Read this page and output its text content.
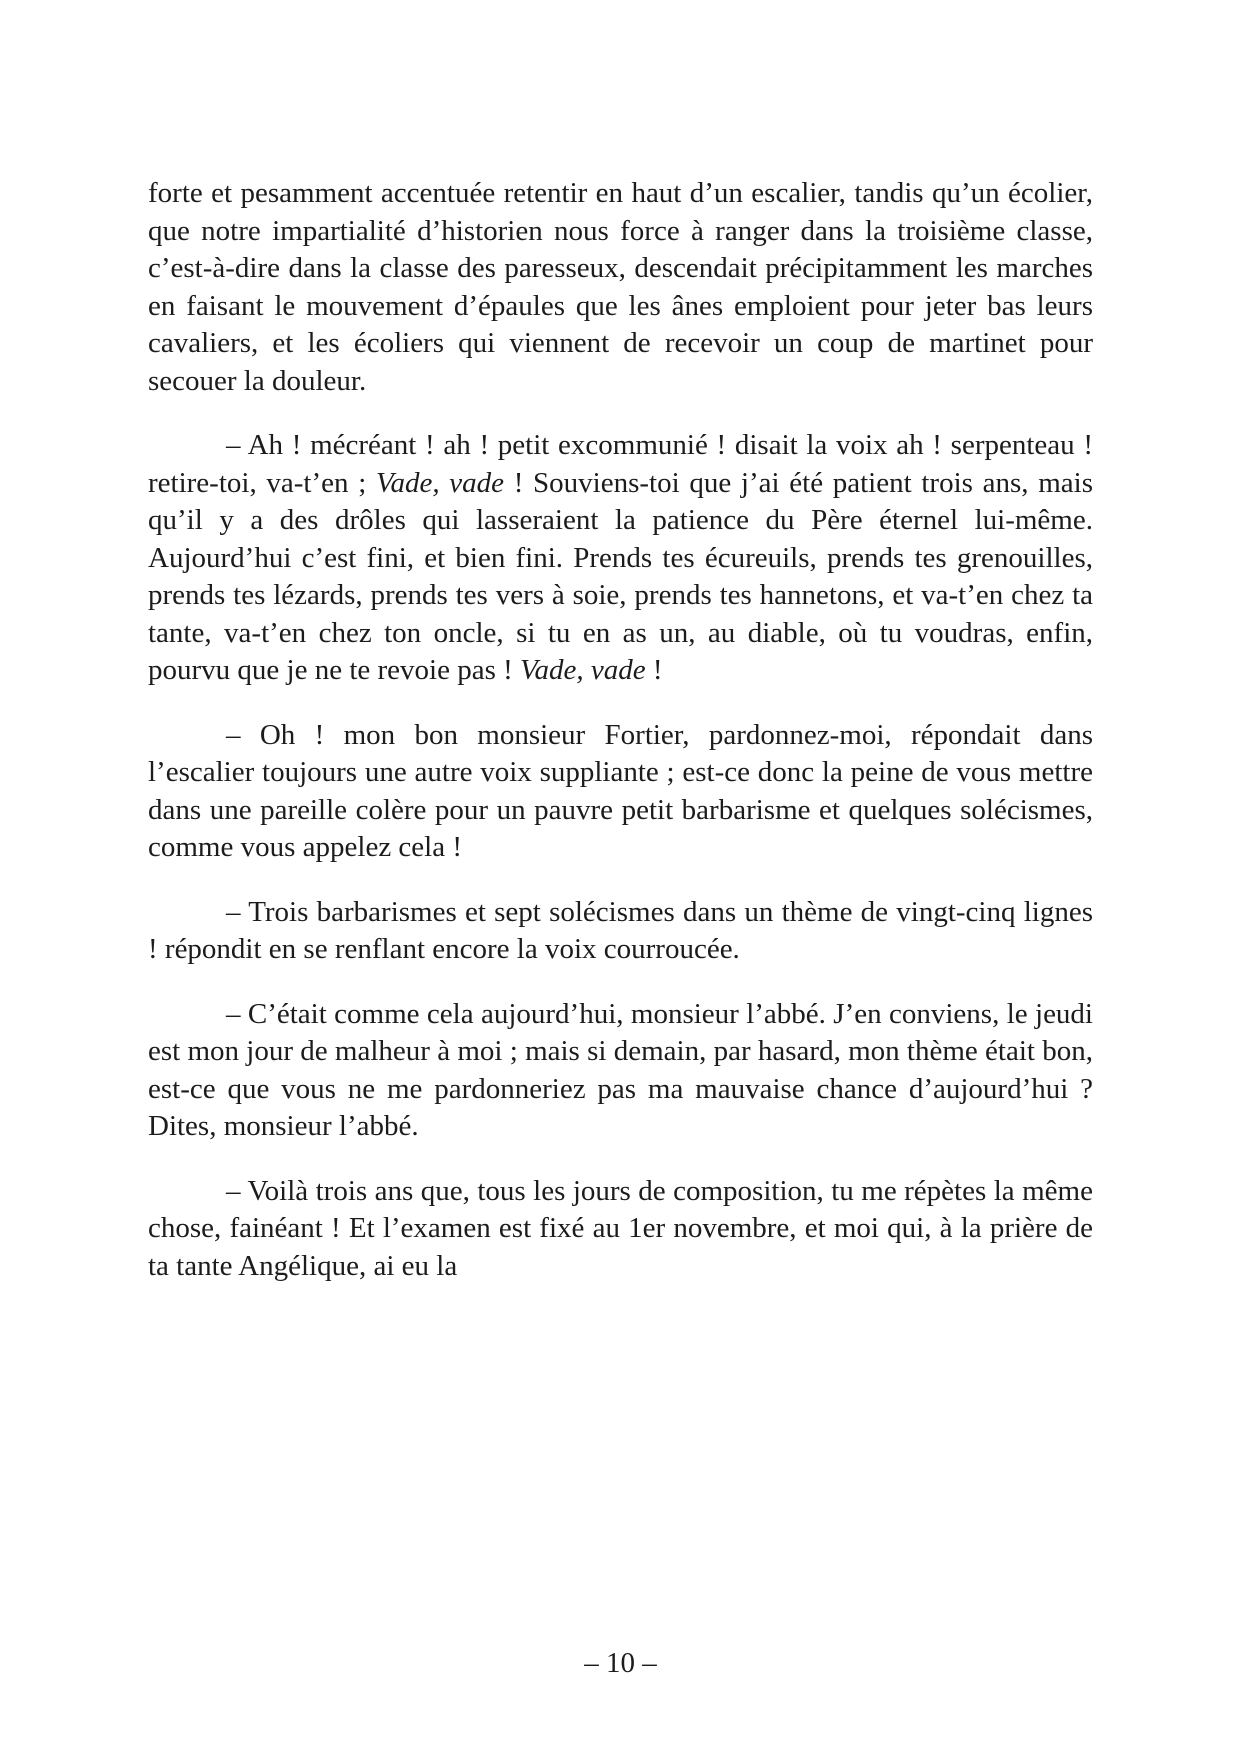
forte et pesamment accentuée retentir en haut d’un escalier, tandis qu’un écolier, que notre impartialité d’historien nous force à ranger dans la troisième classe, c’est-à-dire dans la classe des paresseux, descendait précipitamment les marches en faisant le mouvement d’épaules que les ânes emploient pour jeter bas leurs cavaliers, et les écoliers qui viennent de recevoir un coup de martinet pour secouer la douleur.

– Ah ! mécréant ! ah ! petit excommunié ! disait la voix ah ! serpenteau ! retire-toi, va-t’en ; Vade, vade ! Souviens-toi que j’ai été patient trois ans, mais qu’il y a des drôles qui lasseraient la patience du Père éternel lui-même. Aujourd’hui c’est fini, et bien fini. Prends tes écureuils, prends tes grenouilles, prends tes lézards, prends tes vers à soie, prends tes hannetons, et va-t’en chez ta tante, va-t’en chez ton oncle, si tu en as un, au diable, où tu voudras, enfin, pourvu que je ne te revoie pas ! Vade, vade !

– Oh ! mon bon monsieur Fortier, pardonnez-moi, répondait dans l’escalier toujours une autre voix suppliante ; est-ce donc la peine de vous mettre dans une pareille colère pour un pauvre petit barbarisme et quelques solécismes, comme vous appelez cela !

– Trois barbarismes et sept solécismes dans un thème de vingt-cinq lignes ! répondit en se renflant encore la voix courroucée.

– C’était comme cela aujourd’hui, monsieur l’abbé. J’en conviens, le jeudi est mon jour de malheur à moi ; mais si demain, par hasard, mon thème était bon, est-ce que vous ne me pardonneriez pas ma mauvaise chance d’aujourd’hui ? Dites, monsieur l’abbé.

– Voilà trois ans que, tous les jours de composition, tu me répètes la même chose, fainéant ! Et l’examen est fixé au 1er novembre, et moi qui, à la prière de ta tante Angélique, ai eu la

– 10 –
